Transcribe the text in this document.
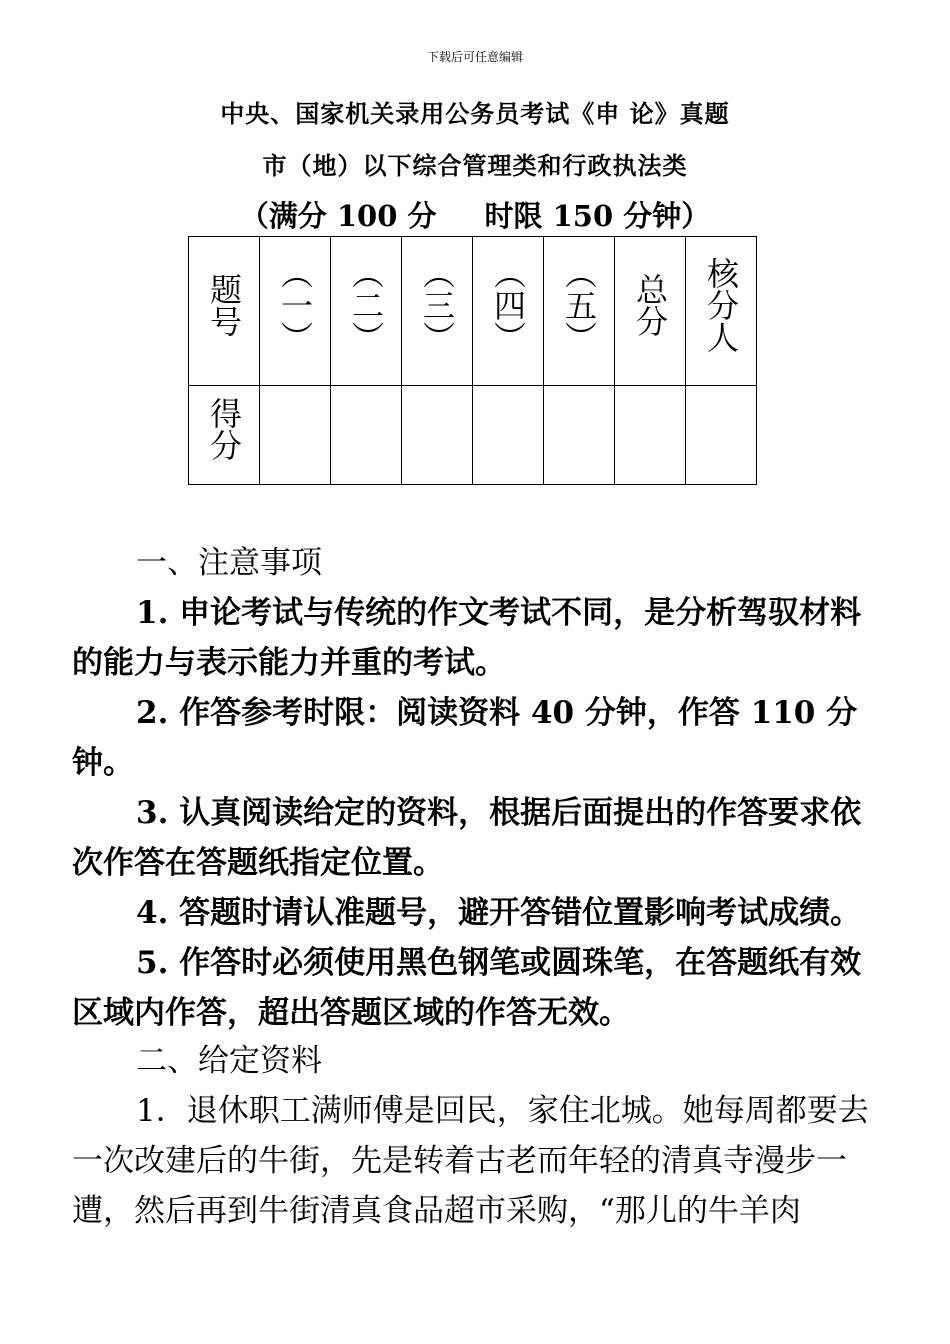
下载后可任意编辑
中央、国家机关录用公务员考试《申 论》真题
市（地）以下综合管理类和行政执法类
（满分 100 分 时限 150 分钟）
题号	（一）	（二）	（三）	（四）	（五）	总分	核分人
得分							

一、注意事项

1. 申论考试与传统的作文考试不同，是分析驾驭材料的能力与表示能力并重的考试。

2. 作答参考时限：阅读资料 40 分钟，作答 110 分钟。

3. 认真阅读给定的资料，根据后面提出的作答要求依次作答在答题纸指定位置。

4. 答题时请认准题号，避开答错位置影响考试成绩。

5. 作答时必须使用黑色钢笔或圆珠笔，在答题纸有效区域内作答，超出答题区域的作答无效。

二、给定资料

1．退休职工满师傅是回民，家住北城。她每周都要去一次改建后的牛街，先是转着古老而年轻的清真寺漫步一遭，然后再到牛街清真食品超市采购，“那儿的牛羊肉
